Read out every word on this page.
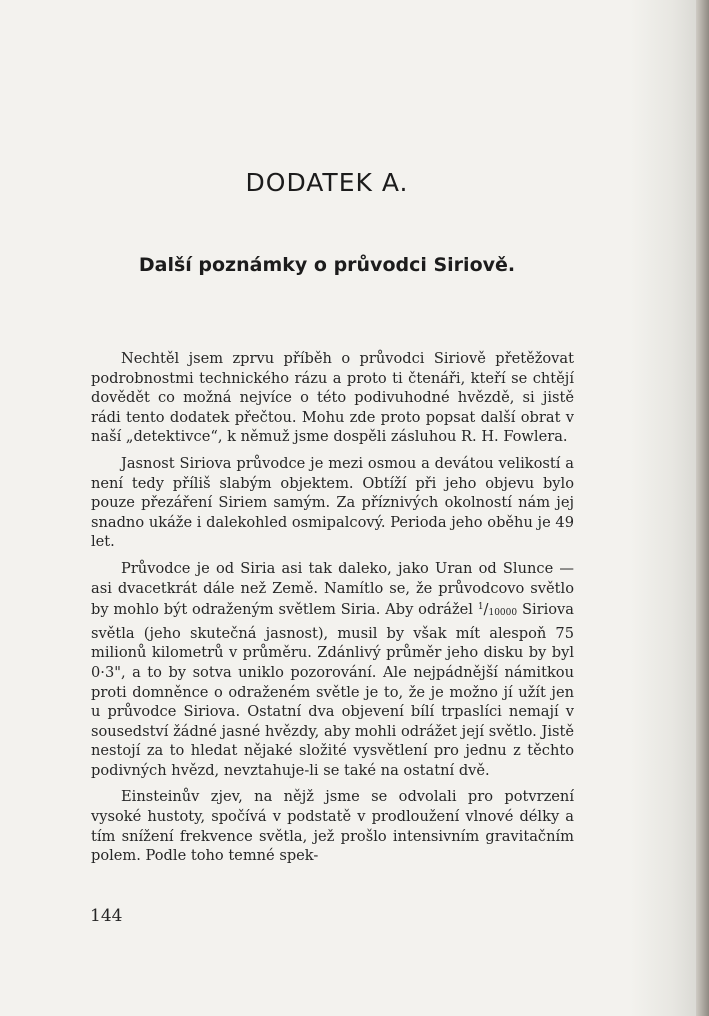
DODATEK A.
Další poznámky o průvodci Siriově.

Nechtěl jsem zprvu příběh o průvodci Siriově přetěžovat podrobnostmi technického rázu a proto ti čtenáři, kteří se chtějí dovědět co možná nejvíce o této podivuhodné hvězdě, si jistě rádi tento dodatek přečtou. Mohu zde proto popsat další obrat v naší „detektivce“, k němuž jsme dospěli zásluhou R. H. Fowlera.

Jasnost Siriova průvodce je mezi osmou a devátou velikostí a není tedy příliš slabým objektem. Obtíží při jeho objevu bylo pouze přezáření Siriem samým. Za příznivých okolností nám jej snadno ukáže i dalekohled osmipalcový. Perioda jeho oběhu je 49 let.

Průvodce je od Siria asi tak daleko, jako Uran od Slunce — asi dvacetkrát dále než Země. Namítlo se, že průvodcovo světlo by mohlo být odraženým světlem Siria. Aby odrážel $^1$/10000 Siriova světla (jeho skutečná jasnost), musil by však mít alespoň 75 milionů kilometrů v průměru. Zdánlivý průměr jeho disku by byl 0·3", a to by sotva uniklo pozorování. Ale nejpádnější námitkou proti domněnce o odraženém světle je to, že je možno jí užít jen u průvodce Siriova. Ostatní dva objevení bílí trpaslíci nemají v sousedství žádné jasné hvězdy, aby mohli odrážet její světlo. Jistě nestojí za to hledat nějaké složité vysvětlení pro jednu z těchto podivných hvězd, nevztahuje-li se také na ostatní dvě.

Einsteinův zjev, na nějž jsme se odvolali pro potvrzení vysoké hustoty, spočívá v podstatě v prodloužení vlnové délky a tím snížení frekvence světla, jež prošlo intensivním gravitačním polem. Podle toho temné spek-

144
